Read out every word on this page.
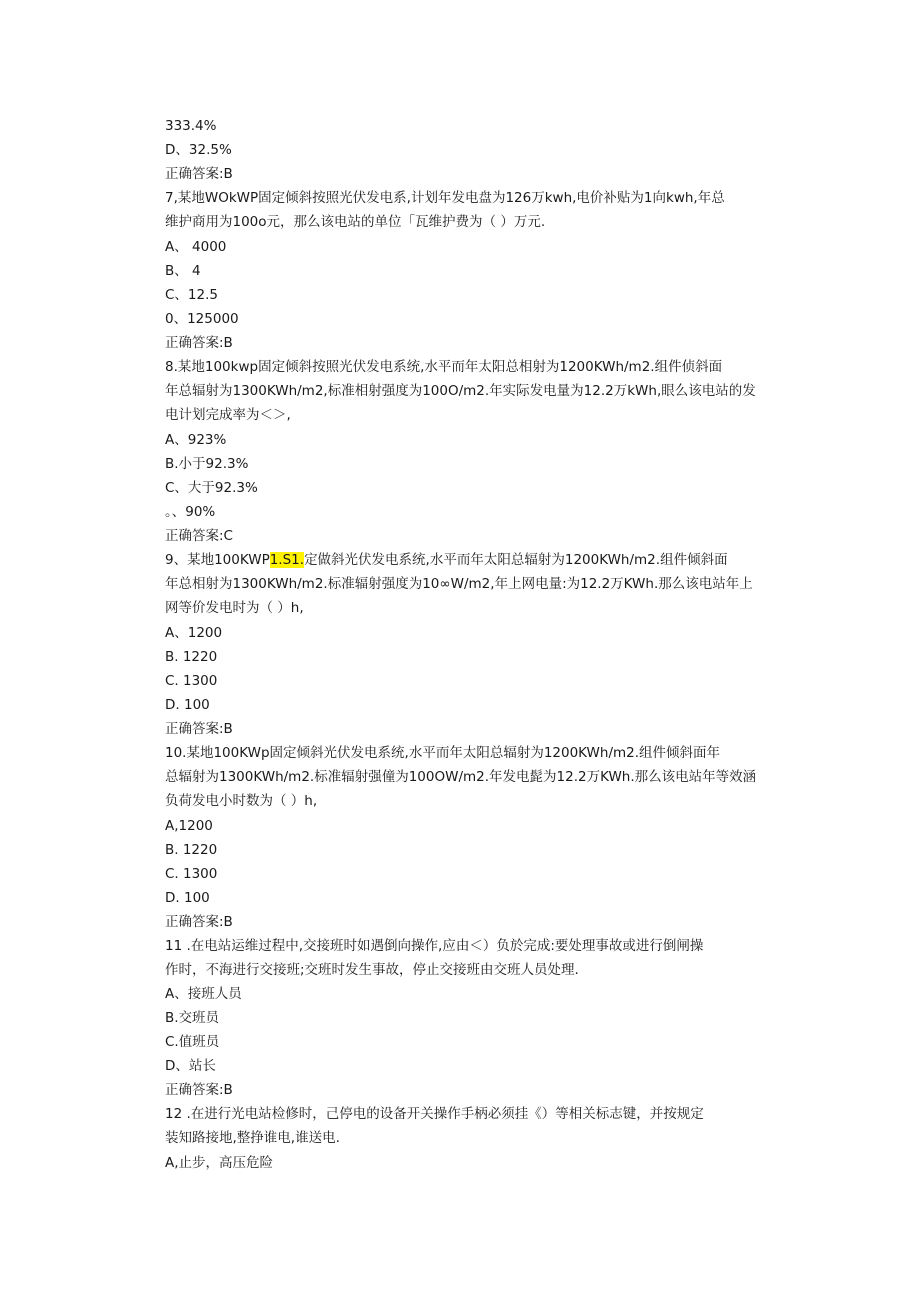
333.4%
D、32.5%
正确答案:B
7,某地WOkWP固定倾斜按照光伏发电系,计划年发电盘为126万kwh,电价补贴为1向kwh,年总
维护商用为100o元，那么该电站的单位「瓦维护费为（ ）万元.
A、 4000
B、 4
C、12.5
0、125000
正确答案:B
8.某地100kwp固定倾斜按照光伏发电系统,水平而年太阳总相射为1200KWh/m2.组件侦斜面
年总辐射为1300KWh/m2,标准相射强度为100O/m2.年实际发电量为12.2万kWh,眼么该电站的发
电计划完成率为＜＞,
A、923%
B.小于92.3%
C、大于92.3%
。、90%
正确答案:C
9、某地100KWP1.S1.定做斜光伏发电系统,水平而年太阳总辐射为1200KWh/m2.组件倾斜面
年总相射为1300KWh/m2.标准辐射强度为10∞W/m2,年上网电量:为12.2万KWh.那么该电站年上
网等价发电时为（ ）h,
A、1200
B. 1220
C. 1300
D. 100
正确答案:B
10.某地100KWp固定倾斜光伏发电系统,水平而年太阳总辐射为1200KWh/m2.组件倾斜面年
总辐射为1300KWh/m2.标准辐射强僮为100OW/m2.年发电髭为12.2万KWh.那么该电站年等效涵
负荷发电小时数为（ ）h,
A,1200
B. 1220
C. 1300
D. 100
正确答案:B
11 .在电站运维过程中,交接班时如遇倒向操作,应由＜）负於完成:要处理事故或进行倒闸操
作时，不海进行交接班;交班时发生事故，停止交接班由交班人员处理.
A、接班人员
B.交班员
C.值班员
D、站长
正确答案:B
12 .在进行光电站检修时，己停电的设备开关操作手柄必须挂《）等相关标志键，并按规定
装知路接地,整挣谁电,谁送电.
A,止步，高压危险
